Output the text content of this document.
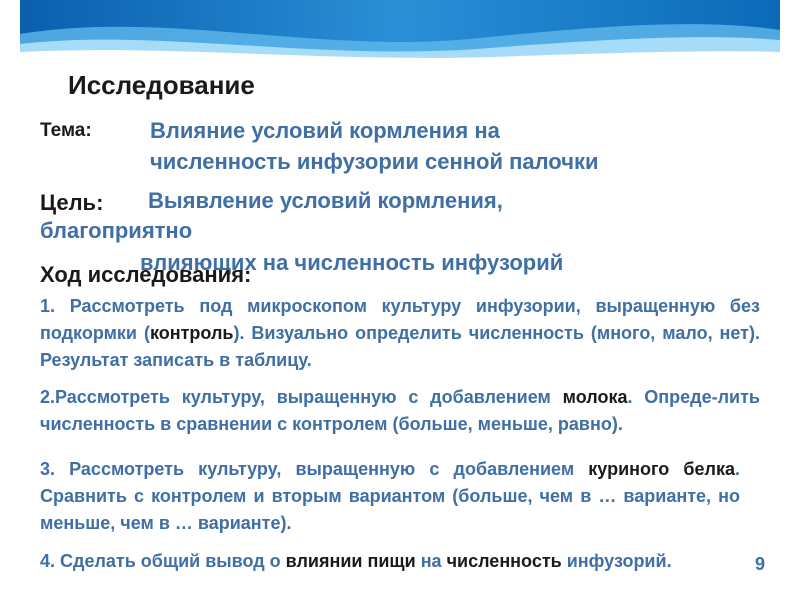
Исследование
Тема:	Влияние условий кормления на
численность инфузории сенной палочки
Цель: Выявление условий кормления,
благоприятно
влияющих на численность инфузорий
Ход исследования:
1. Рассмотреть под микроскопом культуру инфузории, выращенную без подкормки (контроль). Визуально определить численность (много, мало, нет). Результат записать в таблицу.
2.Рассмотреть культуру, выращенную с добавлением молока. Опреде-лить численность в сравнении с контролем (больше, меньше, равно).
3. Рассмотреть культуру, выращенную с добавлением куриного белка. Сравнить с контролем и вторым вариантом (больше, чем в … варианте, но меньше, чем в … варианте).
4. Сделать общий вывод о влиянии пищи на численность инфузорий.	9
